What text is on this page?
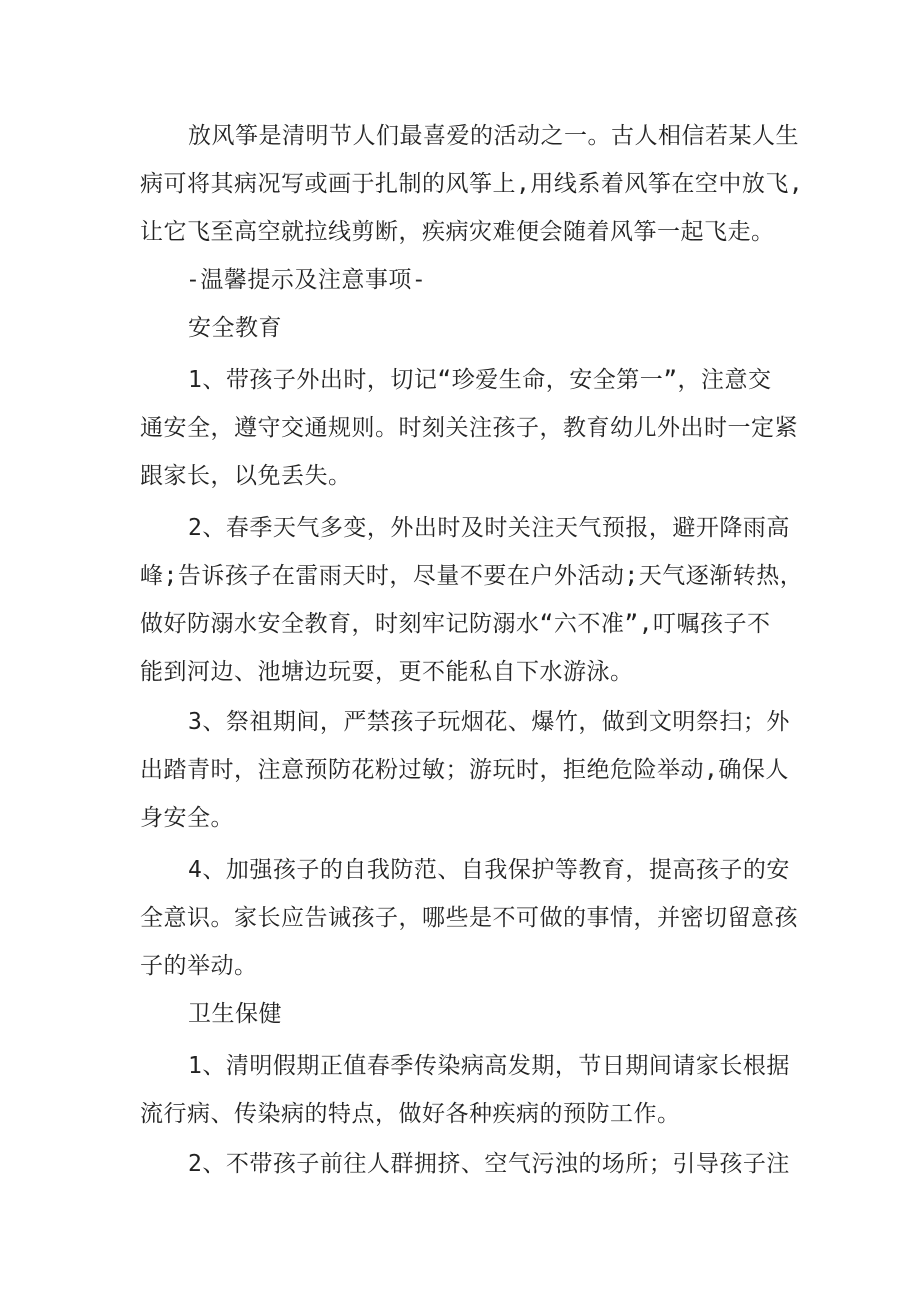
放风筝是清明节人们最喜爱的活动之一。古人相信若某人生
病可将其病况写或画于扎制的风筝上,用线系着风筝在空中放飞,
让它飞至高空就拉线剪断，疾病灾难便会随着风筝一起飞走。
-温馨提示及注意事项-
安全教育
1、带孩子外出时，切记“珍爱生命，安全第一”，注意交
通安全，遵守交通规则。时刻关注孩子，教育幼儿外出时一定紧
跟家长，以免丢失。
2、春季天气多变，外出时及时关注天气预报，避开降雨高
峰;告诉孩子在雷雨天时，尽量不要在户外活动;天气逐渐转热，
做好防溺水安全教育，时刻牢记防溺水“六不准”,叮嘱孩子不
能到河边、池塘边玩耍，更不能私自下水游泳。
3、祭祖期间，严禁孩子玩烟花、爆竹，做到文明祭扫；外
出踏青时，注意预防花粉过敏；游玩时，拒绝危险举动,确保人
身安全。
4、加强孩子的自我防范、自我保护等教育，提高孩子的安
全意识。家长应告诫孩子，哪些是不可做的事情，并密切留意孩
子的举动。
卫生保健
1、清明假期正值春季传染病高发期，节日期间请家长根据
流行病、传染病的特点，做好各种疾病的预防工作。
2、不带孩子前往人群拥挤、空气污浊的场所；引导孩子注
